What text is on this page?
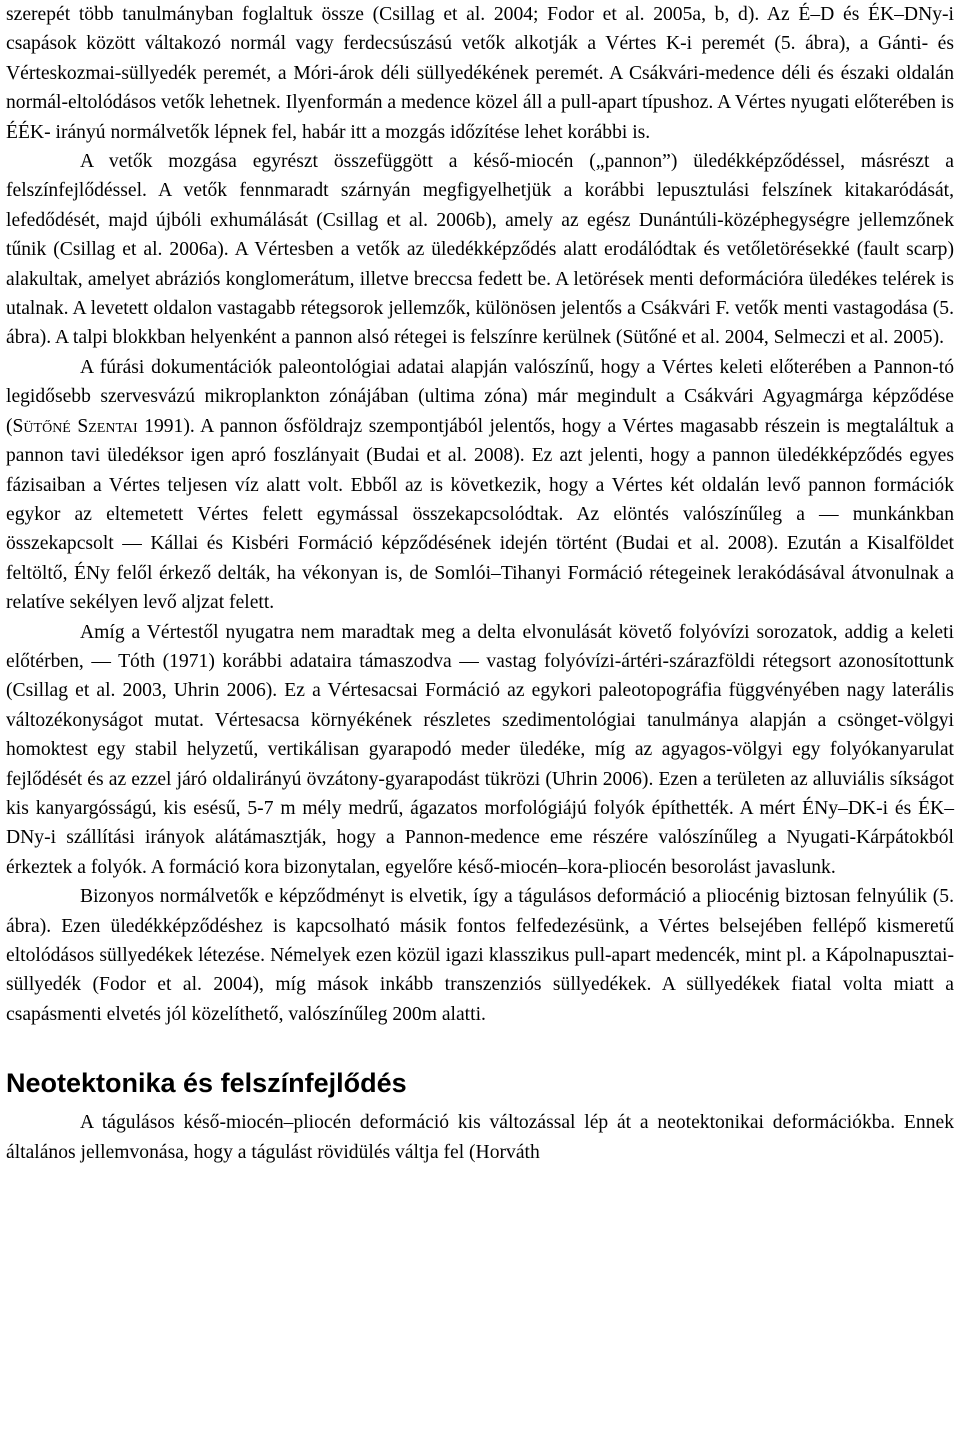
szerepét több tanulmányban foglaltuk össze (Csillag et al. 2004; Fodor et al. 2005a, b, d). Az É–D és ÉK–DNy-i csapások között váltakozó normál vagy ferdecsúszású vetők alkotják a Vértes K-i peremét (5. ábra), a Gánti- és Vérteskozmai-süllyedék peremét, a Móri-árok déli süllyedékének peremét. A Csákvári-medence déli és északi oldalán normál-eltolódásos vetők lehetnek. Ilyenformán a medence közel áll a pull-apart típushoz. A Vértes nyugati előterében is ÉÉK- irányú normálvetők lépnek fel, habár itt a mozgás időzítése lehet korábbi is.

A vetők mozgása egyrészt összefüggött a késő-miocén („pannon”) üledékképződéssel, másrészt a felszínfejlődéssel. A vetők fennmaradt szárnyán megfigyelhetjük a korábbi lepusztulási felszínek kitakaródását, lefedődését, majd újbóli exhumálását (Csillag et al. 2006b), amely az egész Dunántúli-középhegységre jellemzőnek tűnik (Csillag et al. 2006a). A Vértesben a vetők az üledékképződés alatt erodálódtak és vetőletörésekké (fault scarp) alakultak, amelyet abráziós konglomerátum, illetve breccsa fedett be. A letörések menti deformációra üledékes telérek is utalnak. A levetett oldalon vastagabb rétegsorok jellemzők, különösen jelentős a Csákvári F. vetők menti vastagodása (5. ábra). A talpi blokkban helyenként a pannon alsó rétegei is felszínre kerülnek (Sütőné et al. 2004, Selmeczi et al. 2005).

A fúrási dokumentációk paleontológiai adatai alapján valószínű, hogy a Vértes keleti előterében a Pannon-tó legidősebb szervesvázú mikroplankton zónájában (ultima zóna) már megindult a Csákvári Agyagmárga képződése (Sütőné Szentai 1991). A pannon ősföldrajz szempontjából jelentős, hogy a Vértes magasabb részein is megtaláltuk a pannon tavi üledéksor igen apró foszlányait (Budai et al. 2008). Ez azt jelenti, hogy a pannon üledékképződés egyes fázisaiban a Vértes teljesen víz alatt volt. Ebből az is következik, hogy a Vértes két oldalán levő pannon formációk egykor az eltemetett Vértes felett egymással összekapcsolódtak. Az elöntés valószínűleg a ― munkánkban összekapcsolt ― Kállai és Kisbéri Formáció képződésének idején történt (Budai et al. 2008). Ezután a Kisalföldet feltöltő, ÉNy felől érkező delták, ha vékonyan is, de Somlói–Tihanyi Formáció rétegeinek lerakódásával átvonulnak a relatíve sekélyen levő aljzat felett.

Amíg a Vértestől nyugatra nem maradtak meg a delta elvonulását követő folyóvízi sorozatok, addig a keleti előtérben, ― Tóth (1971) korábbi adataira támaszodva ― vastag folyóvízi-ártéri-szárazföldi rétegsort azonosítottunk (Csillag et al. 2003, Uhrin 2006). Ez a Vértesacsai Formáció az egykori paleotopográfia függvényében nagy laterális változékonyságot mutat. Vértesacsa környékének részletes szedimentológiai tanulmánya alapján a csönget-völgyi homoktest egy stabil helyzetű, vertikálisan gyarapodó meder üledéke, míg az agyagos-völgyi egy folyókanyarulat fejlődését és az ezzel járó oldalirányú övzátony-gyarapodást tükrözi (Uhrin 2006). Ezen a területen az alluviális síkságot kis kanyargósságú, kis esésű, 5-7 m mély medrű, ágazatos morfológiájú folyók építhették. A mért ÉNy–DK-i és ÉK–DNy-i szállítási irányok alátámasztják, hogy a Pannon-medence eme részére valószínűleg a Nyugati-Kárpátokból érkeztek a folyók. A formáció kora bizonytalan, egyelőre késő-miocén–kora-pliocén besorolást javaslunk.

Bizonyos normálvetők e képződményt is elvetik, így a tágulásos deformáció a pliocénig biztosan felnyúlik (5. ábra). Ezen üledékképződéshez is kapcsolható másik fontos felfedezésünk, a Vértes belsejében fellépő kismeretű eltolódásos süllyedékek létezése. Némelyek ezen közül igazi klasszikus pull-apart medencék, mint pl. a Kápolnapusztai-süllyedék (Fodor et al. 2004), míg mások inkább transzenziós süllyedékek. A süllyedékek fiatal volta miatt a csapásmenti elvetés jól közelíthető, valószínűleg 200m alatti.

Neotektonika és felszínfejlődés

A tágulásos késő-miocén–pliocén deformáció kis változással lép át a neotektonikai deformációkba. Ennek általános jellemvonása, hogy a tágulást rövidülés váltja fel (Horváth
